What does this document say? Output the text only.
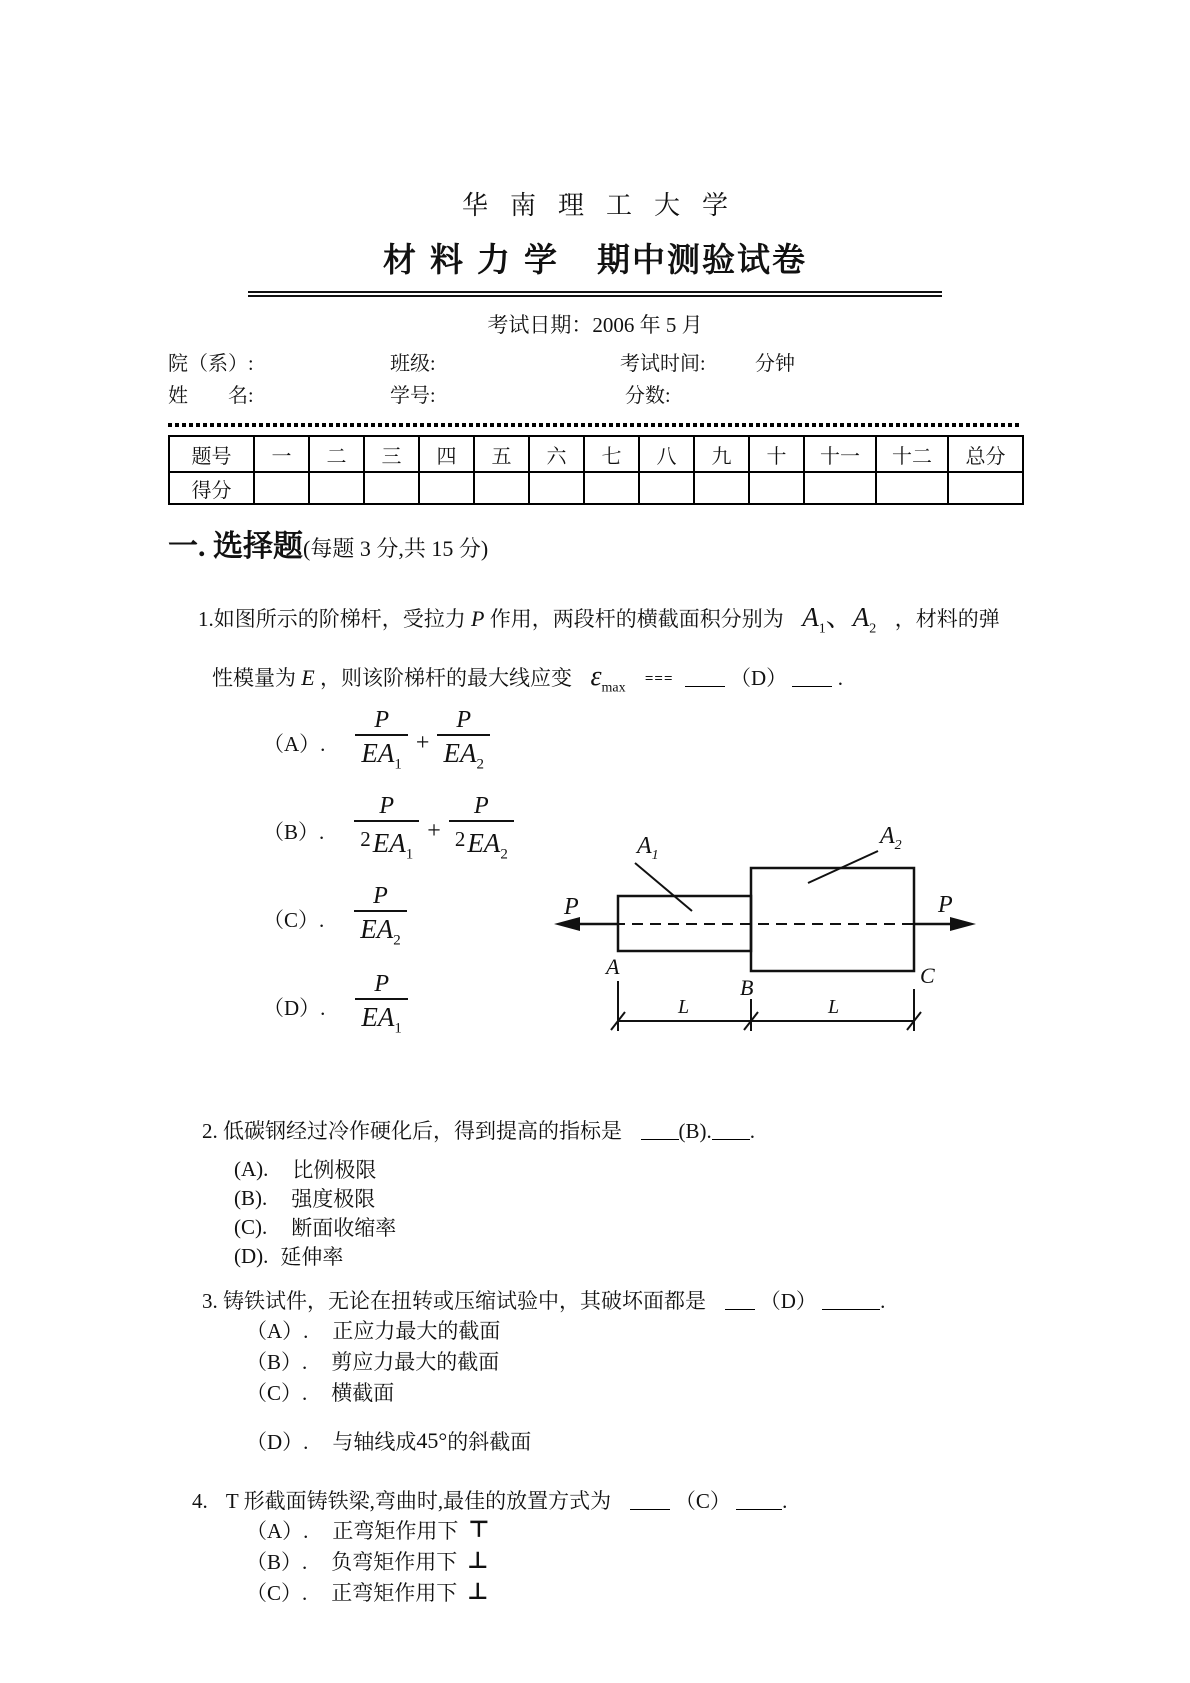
华南理工大学
材料力学 期中测验试卷
考试日期：2006 年 5 月
院（系）:	班级:	考试时间: 分钟
姓　　名:	学号:	分数:
题号	一	二	三	四	五	六	七	八	九	十	十一	十二	总分
得分													
一. 选择题(每题 3 分,共 15 分)
1.如图所示的阶梯杆，受拉力 P 作用，两段杆的横截面积分别为 $A_1$、$A_2$ ，材料的弹
性模量为 E ，则该阶梯杆的最大线应变 $\varepsilon_{max}$ ===	（D） .
（A）. $\frac{P}{EA_1} + \frac{P}{EA_2}$
（B）. $\frac{P}{^2EA_1} + \frac{P}{^2EA_2}$
（C）. $\frac{P}{EA_2}$
（D）. $\frac{P}{EA_1}$
P	P
$A_1$
$A_2$
A
B	C
L	L
2. 低碳钢经过冷作硬化后，得到提高的指标是	(B). .
(A). 比例极限
(B). 强度极限
(C). 断面收缩率
(D). 延伸率
3. 铸铁试件，无论在扭转或压缩试验中，其破坏面都是	（D）	.
（A）. 正应力最大的截面
（B）. 剪应力最大的截面
（C）. 横截面
（D）. 与轴线成 45° 的斜截面
4. T 形截面铸铁梁,弯曲时,最佳的放置方式为	（C） .
（A）. 正弯矩作用下 ⊤
（B）. 负弯矩作用下 ⊥
（C）. 正弯矩作用下 ⊥
